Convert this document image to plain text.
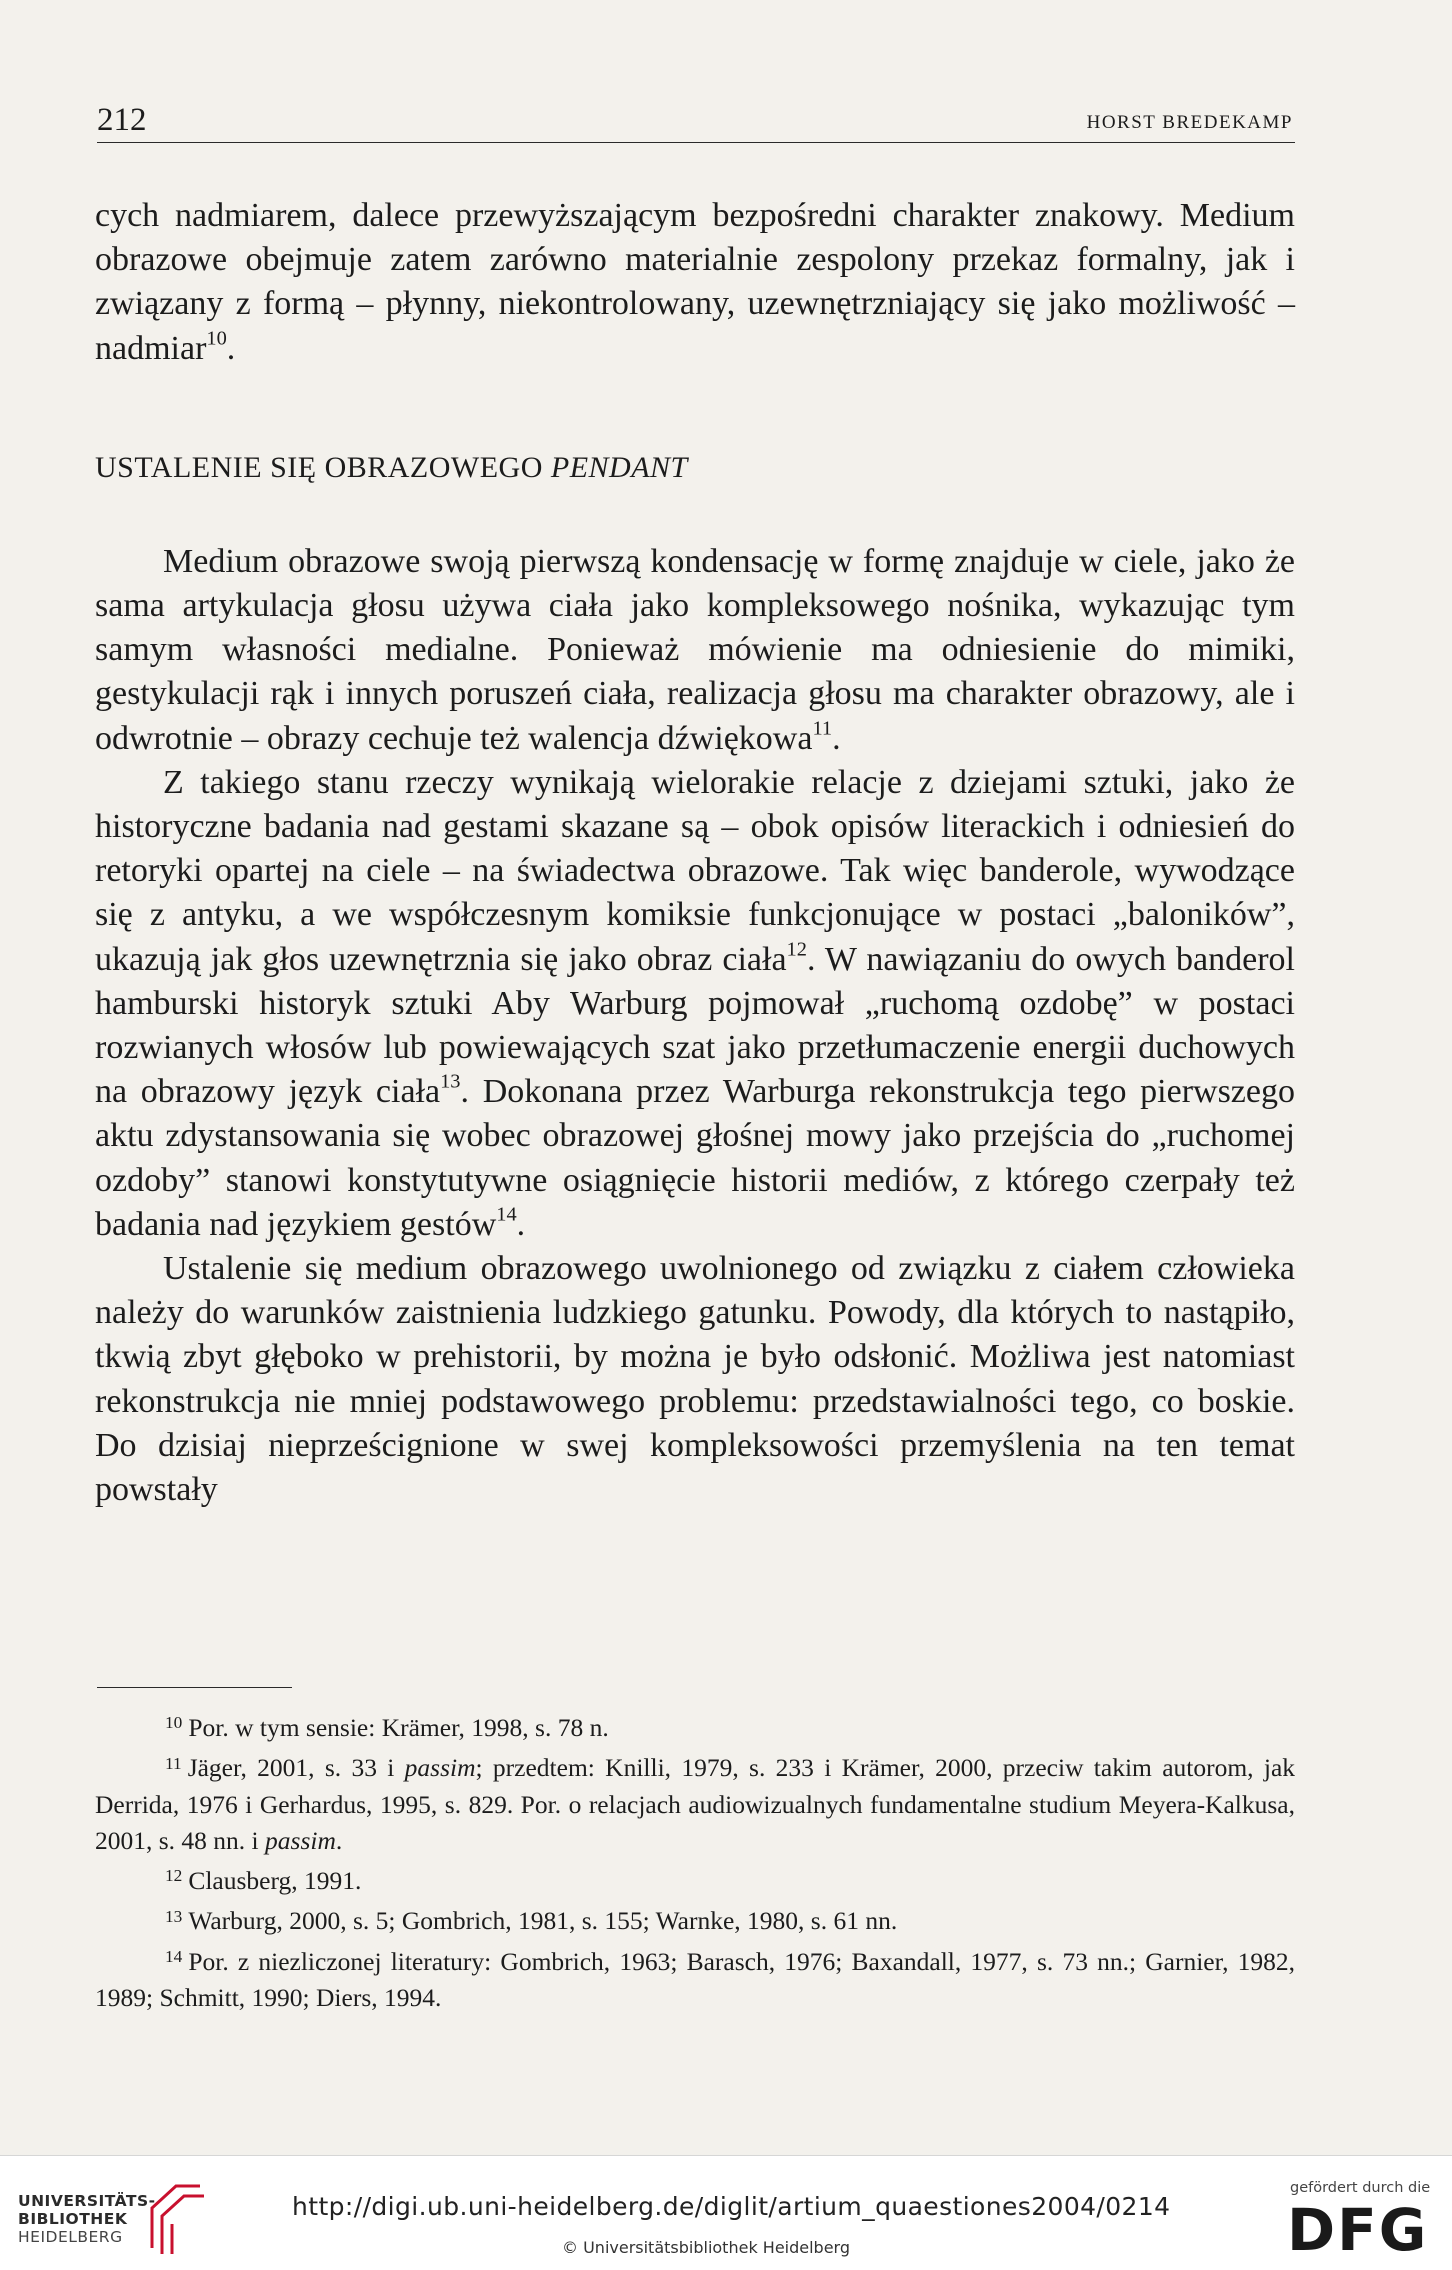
212	HORST BREDEKAMP

cych nadmiarem, dalece przewyższającym bezpośredni charakter znakowy. Medium obrazowe obejmuje zatem zarówno materialnie zespolony przekaz formalny, jak i związany z formą – płynny, niekontrolowany, uzewnętrzniający się jako możliwość – nadmiar$^{10}$.

USTALENIE SIĘ OBRAZOWEGO PENDANT

Medium obrazowe swoją pierwszą kondensację w formę znajduje w ciele, jako że sama artykulacja głosu używa ciała jako kompleksowego nośnika, wykazując tym samym własności medialne. Ponieważ mówienie ma odniesienie do mimiki, gestykulacji rąk i innych poruszeń ciała, realizacja głosu ma charakter obrazowy, ale i odwrotnie – obrazy cechuje też walencja dźwiękowa$^{11}$.

Z takiego stanu rzeczy wynikają wielorakie relacje z dziejami sztuki, jako że historyczne badania nad gestami skazane są – obok opisów literackich i odniesień do retoryki opartej na ciele – na świadectwa obrazowe. Tak więc banderole, wywodzące się z antyku, a we współczesnym komiksie funkcjonujące w postaci „baloników”, ukazują jak głos uzewnętrznia się jako obraz ciała$^{12}$. W nawiązaniu do owych banderol hamburski historyk sztuki Aby Warburg pojmował „ruchomą ozdobę” w postaci rozwianych włosów lub powiewających szat jako przetłumaczenie energii duchowych na obrazowy język ciała$^{13}$. Dokonana przez Warburga rekonstrukcja tego pierwszego aktu zdystansowania się wobec obrazowej głośnej mowy jako przejścia do „ruchomej ozdoby” stanowi konstytutywne osiągnięcie historii mediów, z którego czerpały też badania nad językiem gestów$^{14}$.

Ustalenie się medium obrazowego uwolnionego od związku z ciałem człowieka należy do warunków zaistnienia ludzkiego gatunku. Powody, dla których to nastąpiło, tkwią zbyt głęboko w prehistorii, by można je było odsłonić. Możliwa jest natomiast rekonstrukcja nie mniej podstawowego problemu: przedstawialności tego, co boskie. Do dzisiaj nieprześcignione w swej kompleksowości przemyślenia na ten temat powstały

$^{10}$ Por. w tym sensie: Krämer, 1998, s. 78 n.

$^{11}$ Jäger, 2001, s. 33 i passim; przedtem: Knilli, 1979, s. 233 i Krämer, 2000, przeciw takim autorom, jak Derrida, 1976 i Gerhardus, 1995, s. 829. Por. o relacjach audiowizualnych fundamentalne studium Meyera-Kalkusa, 2001, s. 48 nn. i passim.

$^{12}$ Clausberg, 1991.

$^{13}$ Warburg, 2000, s. 5; Gombrich, 1981, s. 155; Warnke, 1980, s. 61 nn.

$^{14}$ Por. z niezliczonej literatury: Gombrich, 1963; Barasch, 1976; Baxandall, 1977, s. 73 nn.; Garnier, 1982, 1989; Schmitt, 1990; Diers, 1994.

UNIVERSITÄTS-
BIBLIOTHEK
HEIDELBERG
http://digi.ub.uni-heidelberg.de/diglit/artium_quaestiones2004/0214
© Universitätsbibliothek Heidelberg
gefördert durch die
DFG
